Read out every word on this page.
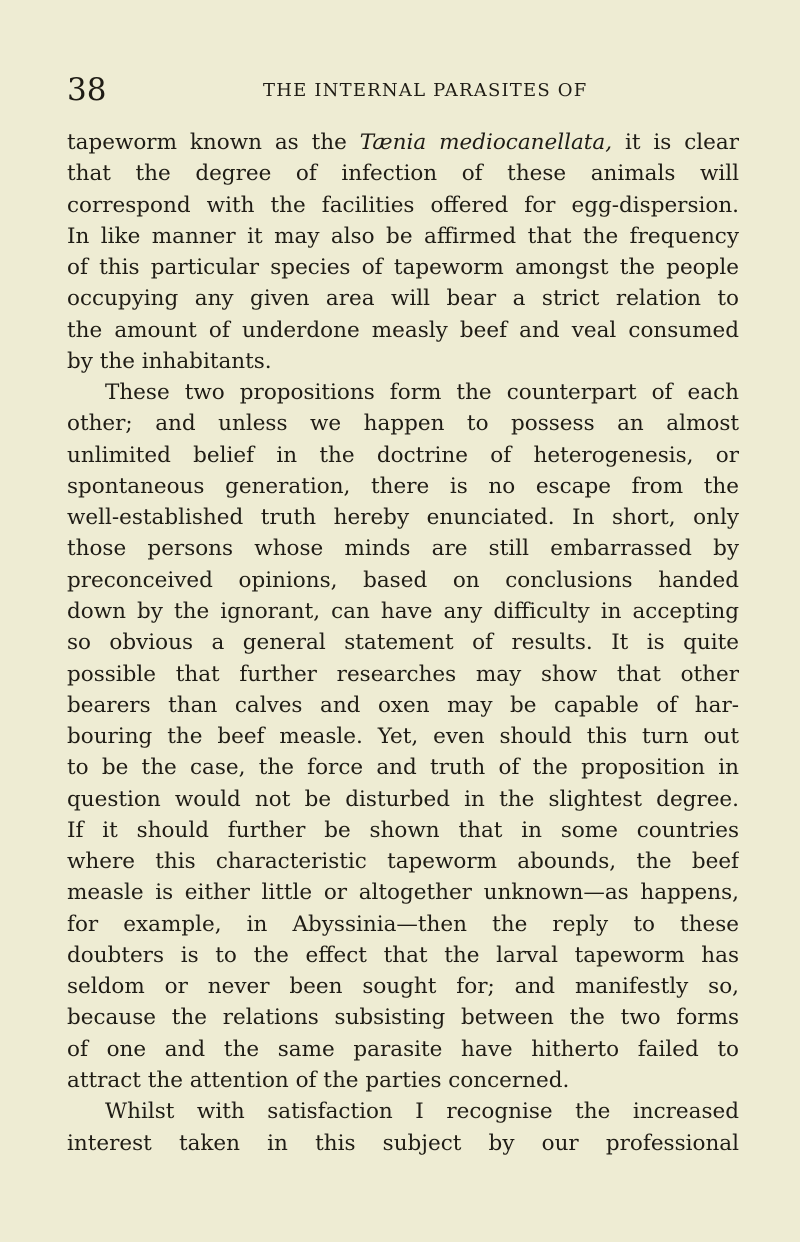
38	THE INTERNAL PARASITES OF
tapeworm known as the Tænia mediocanellata, it is clear
that the degree of infection of these animals will
correspond with the facilities offered for egg-dispersion.
In like manner it may also be affirmed that the frequency
of this particular species of tapeworm amongst the people
occupying any given area will bear a strict relation to
the amount of underdone measly beef and veal consumed
by the inhabitants.
These two propositions form the counterpart of each
other; and unless we happen to possess an almost
unlimited belief in the doctrine of heterogenesis, or
spontaneous generation, there is no escape from the
well-established truth hereby enunciated. In short, only
those persons whose minds are still embarrassed by
preconceived opinions, based on conclusions handed
down by the ignorant, can have any difficulty in accepting
so obvious a general statement of results. It is quite
possible that further researches may show that other
bearers than calves and oxen may be capable of har-
bouring the beef measle. Yet, even should this turn out
to be the case, the force and truth of the proposition in
question would not be disturbed in the slightest degree.
If it should further be shown that in some countries
where this characteristic tapeworm abounds, the beef
measle is either little or altogether unknown—as happens,
for example, in Abyssinia—then the reply to these
doubters is to the effect that the larval tapeworm has
seldom or never been sought for; and manifestly so,
because the relations subsisting between the two forms
of one and the same parasite have hitherto failed to
attract the attention of the parties concerned.
Whilst with satisfaction I recognise the increased
interest taken in this subject by our professional
